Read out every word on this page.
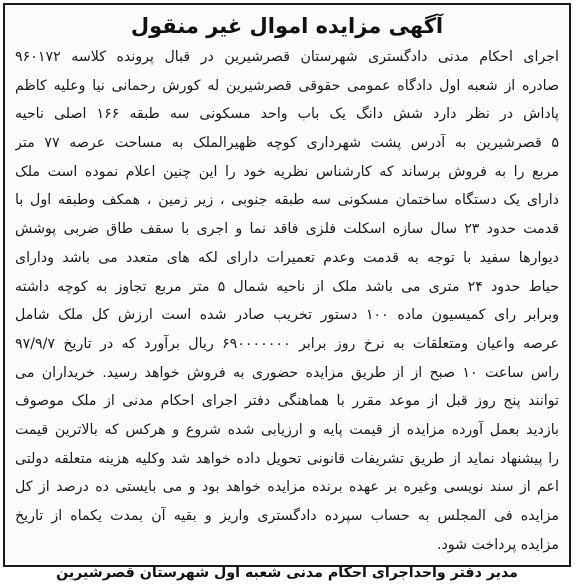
آگهی مزایده اموال غیر منقول
اجرای احکام مدنی دادگستری شهرستان قصرشیرین در قبال پرونده کلاسه ۹۶۰۱۷۲
صادره از شعبه اول دادگاه عمومی حقوقی قصرشیرین له کورش رحمانی نیا وعلیه کاظم
پاداش در نظر دارد شش دانگ یک باب واحد مسکونی سه طبقه ۱۶۶ اصلی ناحیه
۵ قصرشیرین به آدرس پشت شهرداری کوچه ظهیرالملک به مساحت عرصه ۷۷ متر
مربع را به فروش برساند که کارشناس نظریه خود را این چنین اعلام نموده است ملک
دارای یک دستگاه ساختمان مسکونی سه طبقه جنوبی ، زیر زمین ، همکف وطبقه اول با
قدمت حدود ۲۳ سال سازه اسکلت فلزی فاقد نما و اجری با سقف طاق ضربی پوشش
دیوارها سفید با توجه به قدمت وعدم تعمیرات دارای لکه های متعدد می باشد ودارای
حیاط حدود ۲۴ متری می باشد ملک از ناحیه شمال ۵ متر مربع تجاوز به کوچه داشته
وبرابر رای کمیسیون ماده ۱۰۰ دستور تخریب صادر شده است ارزش کل ملک شامل
عرصه واعیان ومتعلقات به نرخ روز برابر ۶۹۰۰۰۰۰۰۰ ریال برآورد که در تاریخ ۹۷/۹/۷
راس ساعت ۱۰ صبح از از طریق مزایده حضوری به فروش خواهد رسید. خریداران می
توانند پنج روز قبل از موعد مقرر با هماهنگی دفتر اجرای احکام مدنی از ملک موصوف
بازدید بعمل آورده مزایده از قیمت پایه و ارزیابی شده شروع و هرکس که بالاترین قیمت
را پیشنهاد نماید از طریق تشریفات قانونی تحویل داده خواهد شد وکلیه هزینه متعلقه دولتی
اعم از سند نویسی وغیره بر عهده برنده مزایده خواهد بود و می بایستی ده درصد از کل
مزایده فی المجلس به حساب سپرده دادگستری واریز و بقیه آن بمدت یکماه از تاریخ
مزایده پرداخت شود.
مدیر دفتر واحداجرای احکام مدنی شعبه اول شهرستان قصرشیرین
